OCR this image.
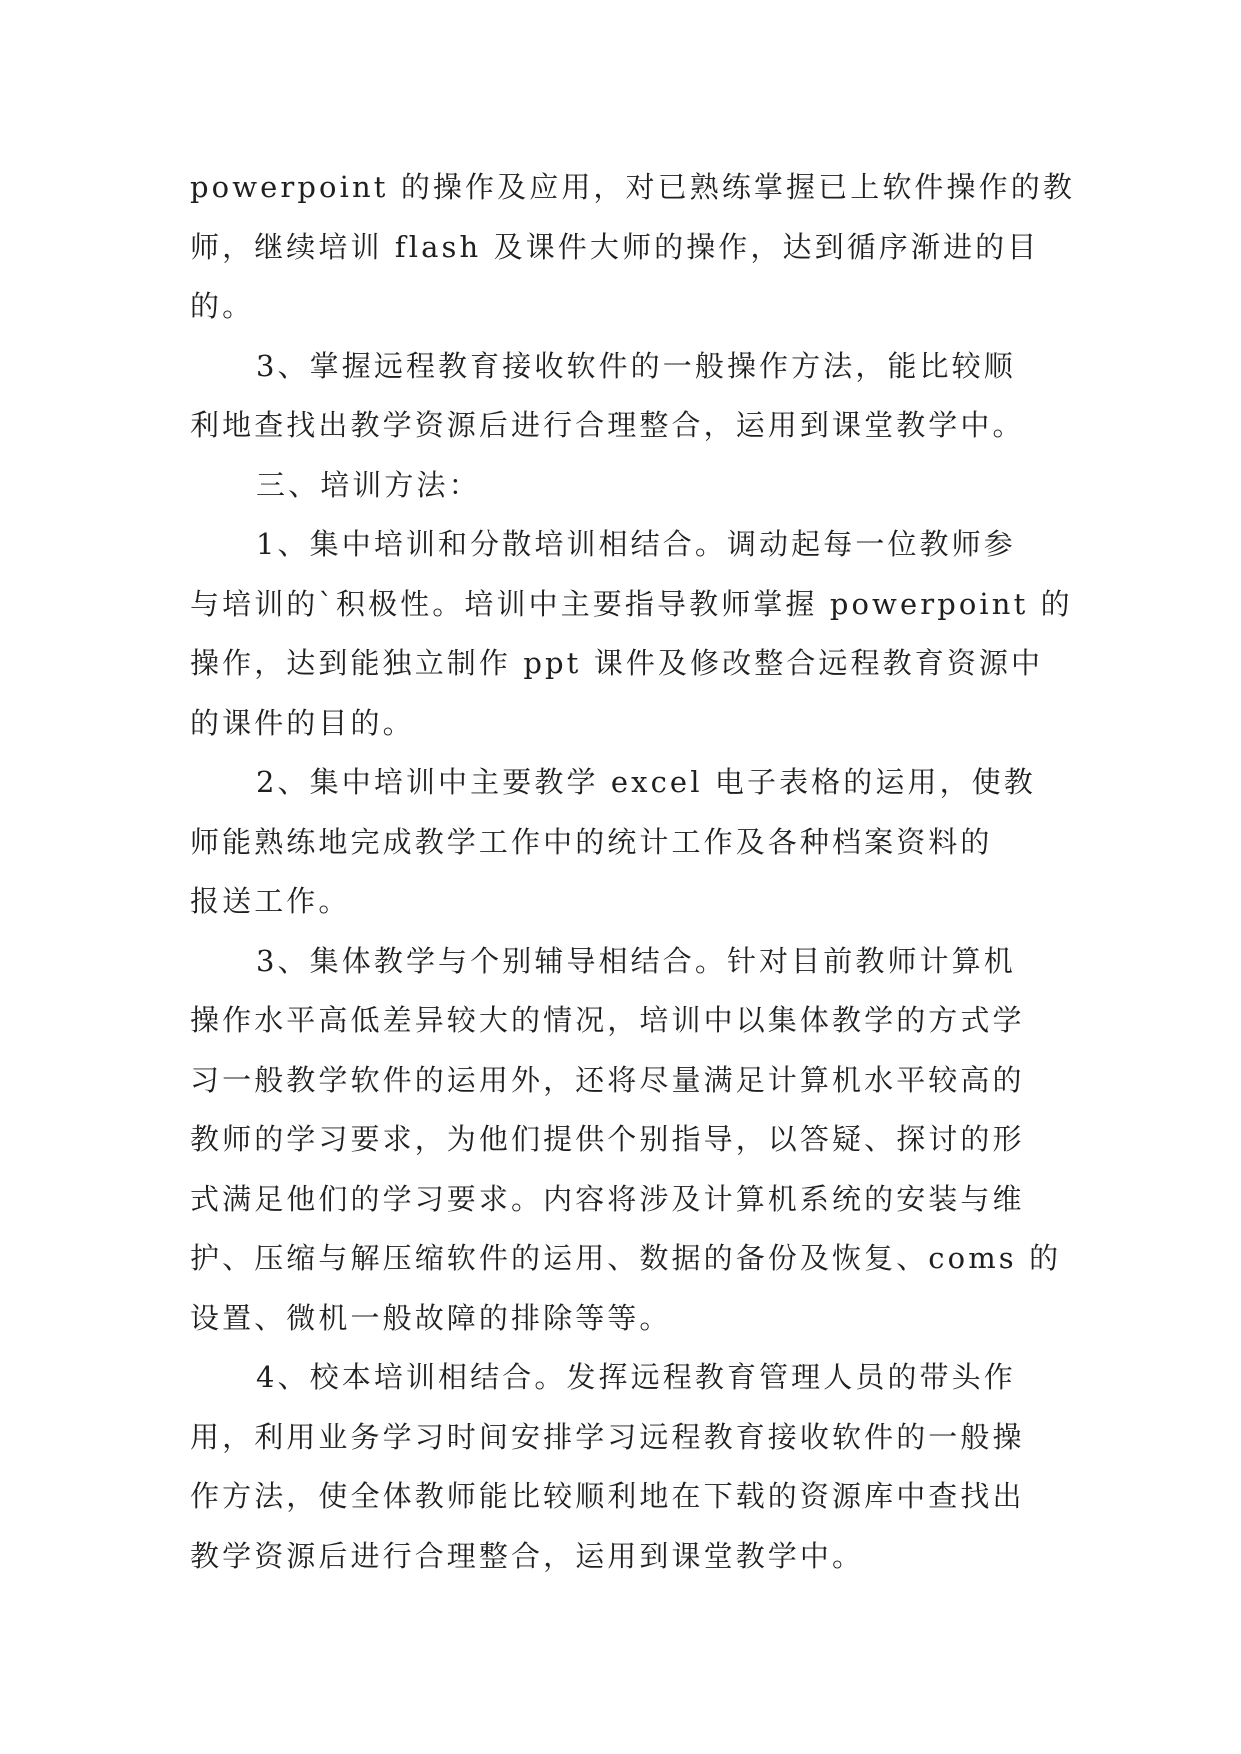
powerpoint 的操作及应用，对已熟练掌握已上软件操作的教
师，继续培训 flash 及课件大师的操作，达到循序渐进的目
的。
3、掌握远程教育接收软件的一般操作方法，能比较顺
利地查找出教学资源后进行合理整合，运用到课堂教学中。
三、培训方法：
1、集中培训和分散培训相结合。调动起每一位教师参
与培训的`积极性。培训中主要指导教师掌握 powerpoint 的
操作，达到能独立制作 ppt 课件及修改整合远程教育资源中
的课件的目的。
2、集中培训中主要教学 excel 电子表格的运用，使教
师能熟练地完成教学工作中的统计工作及各种档案资料的
报送工作。
3、集体教学与个别辅导相结合。针对目前教师计算机
操作水平高低差异较大的情况，培训中以集体教学的方式学
习一般教学软件的运用外，还将尽量满足计算机水平较高的
教师的学习要求，为他们提供个别指导，以答疑、探讨的形
式满足他们的学习要求。内容将涉及计算机系统的安装与维
护、压缩与解压缩软件的运用、数据的备份及恢复、coms 的
设置、微机一般故障的排除等等。
4、校本培训相结合。发挥远程教育管理人员的带头作
用，利用业务学习时间安排学习远程教育接收软件的一般操
作方法，使全体教师能比较顺利地在下载的资源库中查找出
教学资源后进行合理整合，运用到课堂教学中。
